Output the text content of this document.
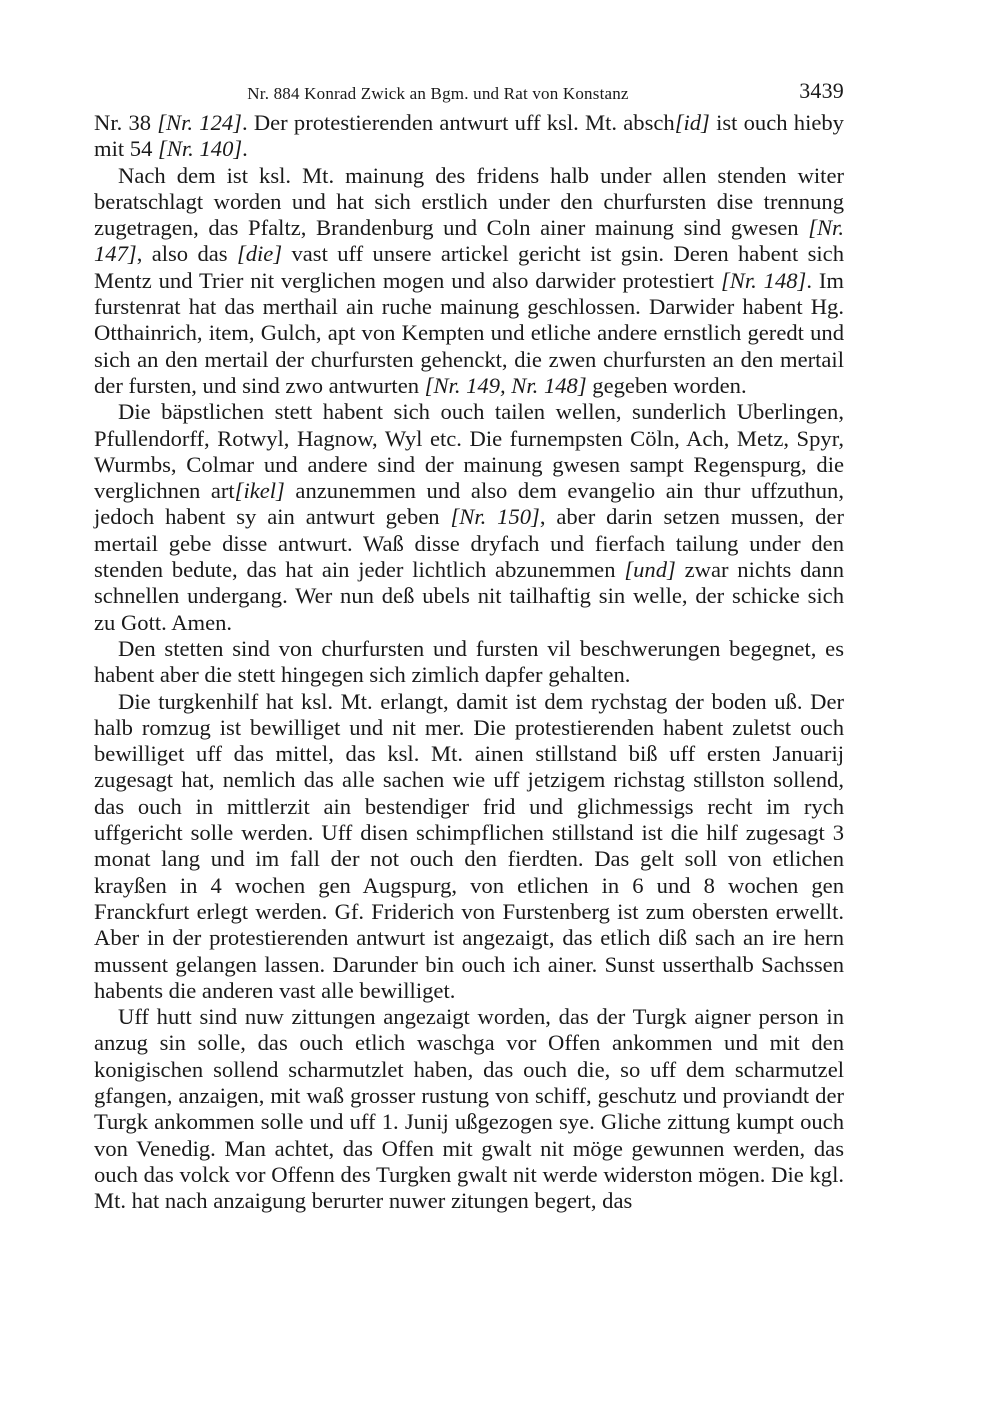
Nr. 884 Konrad Zwick an Bgm. und Rat von Konstanz	3439

Nr. 38 [Nr. 124]. Der protestierenden antwurt uff ksl. Mt. absch[id] ist ouch hieby mit 54 [Nr. 140].

Nach dem ist ksl. Mt. mainung des fridens halb under allen stenden witer beratschlagt worden und hat sich erstlich under den churfursten dise trennung zugetragen, das Pfaltz, Brandenburg und Coln ainer mainung sind gwesen [Nr. 147], also das [die] vast uff unsere artickel gericht ist gsin. Deren habent sich Mentz und Trier nit verglichen mogen und also darwider protestiert [Nr. 148]. Im furstenrat hat das merthail ain ruche mainung geschlossen. Darwider habent Hg. Otthainrich, item, Gulch, apt von Kempten und etliche andere ernstlich geredt und sich an den mertail der churfursten gehenckt, die zwen churfursten an den mertail der fursten, und sind zwo antwurten [Nr. 149, Nr. 148] gegeben worden.

Die bäpstlichen stett habent sich ouch tailen wellen, sunderlich Uberlingen, Pfullendorff, Rotwyl, Hagnow, Wyl etc. Die furnempsten Cöln, Ach, Metz, Spyr, Wurmbs, Colmar und andere sind der mainung gwesen sampt Regenspurg, die verglichnen art[ikel] anzunemmen und also dem evangelio ain thur uffzuthun, jedoch habent sy ain antwurt geben [Nr. 150], aber darin setzen mussen, der mertail gebe disse antwurt. Waß disse dryfach und fierfach tailung under den stenden bedute, das hat ain jeder lichtlich abzunemmen [und] zwar nichts dann schnellen undergang. Wer nun deß ubels nit tailhaftig sin welle, der schicke sich zu Gott. Amen.

Den stetten sind von churfursten und fursten vil beschwerungen begegnet, es habent aber die stett hingegen sich zimlich dapfer gehalten.

Die turgkenhilf hat ksl. Mt. erlangt, damit ist dem rychstag der boden uß. Der halb romzug ist bewilliget und nit mer. Die protestierenden habent zuletst ouch bewilliget uff das mittel, das ksl. Mt. ainen stillstand biß uff ersten Januarij zugesagt hat, nemlich das alle sachen wie uff jetzigem richstag stillston sollend, das ouch in mittlerzit ain bestendiger frid und glichmessigs recht im rych uffgericht solle werden. Uff disen schimpflichen stillstand ist die hilf zugesagt 3 monat lang und im fall der not ouch den fierdten. Das gelt soll von etlichen krayßen in 4 wochen gen Augspurg, von etlichen in 6 und 8 wochen gen Franckfurt erlegt werden. Gf. Friderich von Furstenberg ist zum obersten erwellt. Aber in der protestierenden antwurt ist angezaigt, das etlich diß sach an ire hern mussent gelangen lassen. Darunder bin ouch ich ainer. Sunst usserthalb Sachssen habents die anderen vast alle bewilliget.

Uff hutt sind nuw zittungen angezaigt worden, das der Turgk aigner person in anzug sin solle, das ouch etlich waschga vor Offen ankommen und mit den konigischen sollend scharmutzlet haben, das ouch die, so uff dem scharmutzel gfangen, anzaigen, mit waß grosser rustung von schiff, geschutz und proviandt der Turgk ankommen solle und uff 1. Junij ußgezogen sye. Gliche zittung kumpt ouch von Venedig. Man achtet, das Offen mit gwalt nit möge gewunnen werden, das ouch das volck vor Offenn des Turgken gwalt nit werde widerston mögen. Die kgl. Mt. hat nach anzaigung berurter nuwer zitungen begert, das
